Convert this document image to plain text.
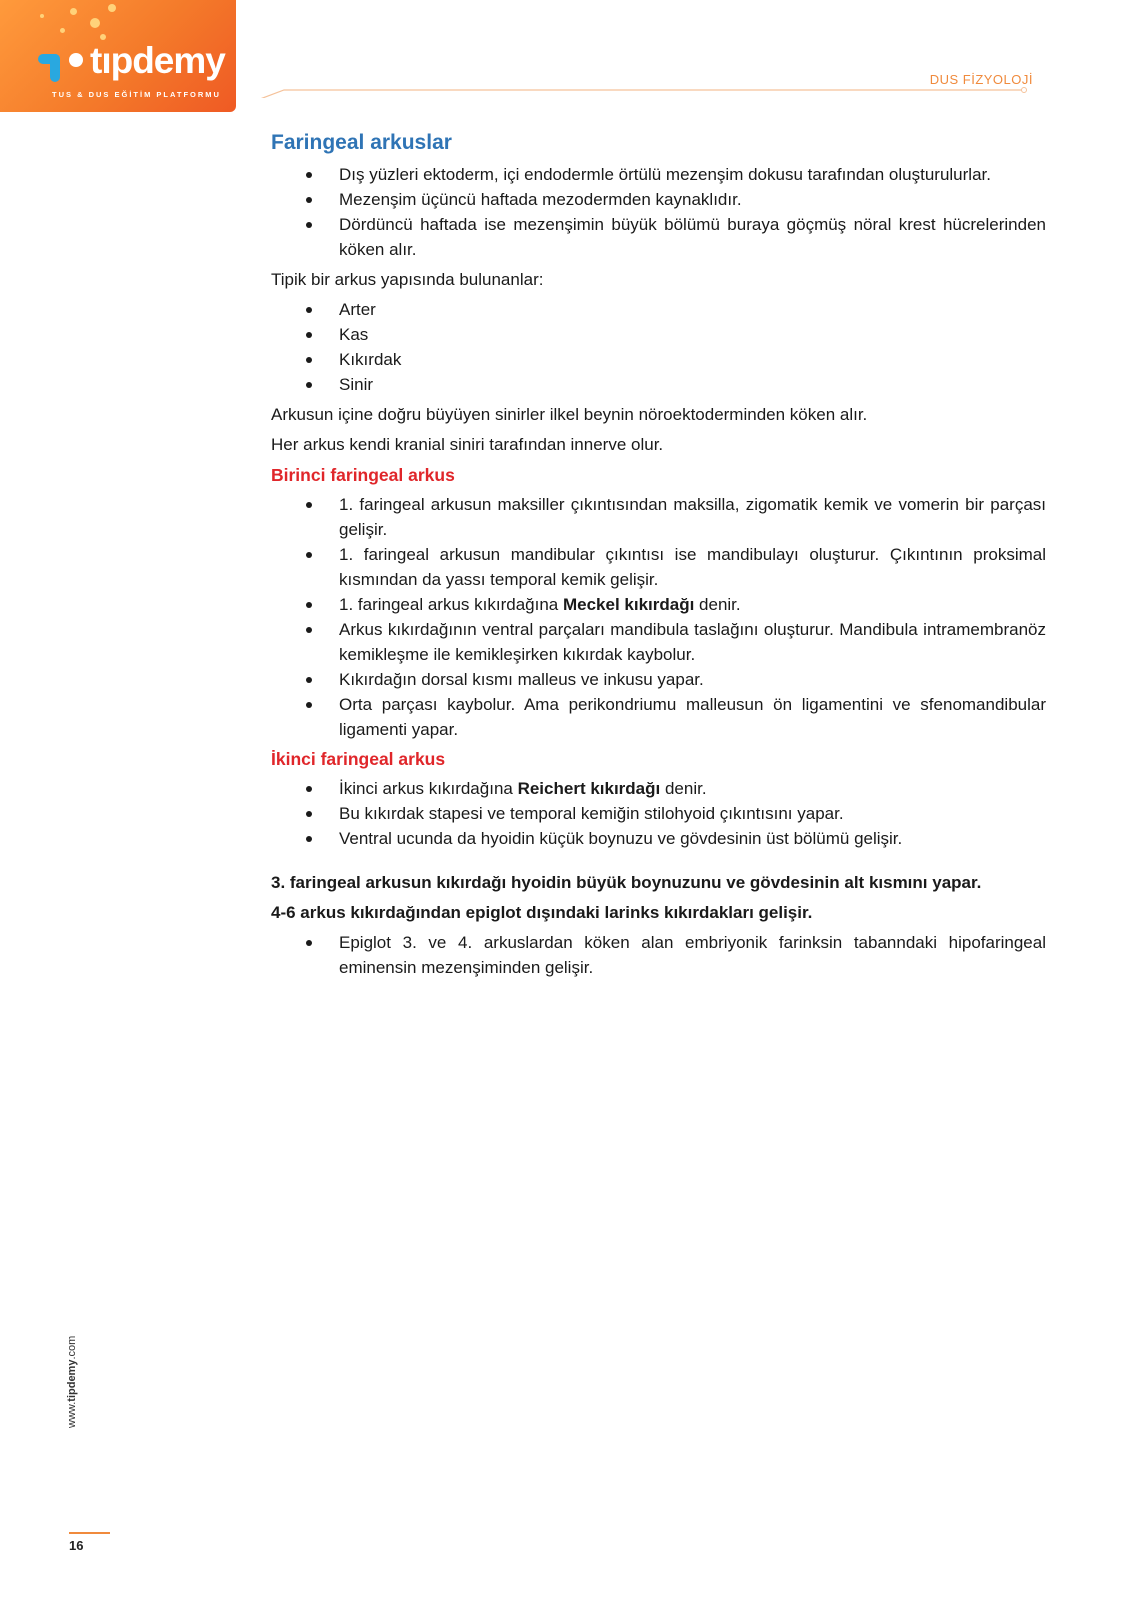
tıpdemy
TUS & DUS EĞİTİM PLATFORMU
DUS FİZYOLOJİ
Faringeal arkuslar
Dış yüzleri ektoderm, içi endodermle örtülü mezenşim dokusu tarafından oluşturulurlar.
Mezenşim üçüncü haftada mezodermden kaynaklıdır.
Dördüncü haftada ise mezenşimin büyük bölümü buraya göçmüş nöral krest hücrelerinden köken alır.

Tipik bir arkus yapısında bulunanlar:

Arter
Kas
Kıkırdak
Sinir

Arkusun içine doğru büyüyen sinirler ilkel beynin nöroektoderminden köken alır.

Her arkus kendi kranial siniri tarafından innerve olur.

Birinci faringeal arkus
1. faringeal arkusun maksiller çıkıntısından maksilla, zigomatik kemik ve vomerin bir parçası gelişir.
1. faringeal arkusun mandibular çıkıntısı ise mandibulayı oluşturur. Çıkıntının proksimal kısmından da yassı temporal kemik gelişir.
1. faringeal arkus kıkırdağına Meckel kıkırdağı denir.
Arkus kıkırdağının ventral parçaları mandibula taslağını oluşturur. Mandibula intramembranöz kemikleşme ile kemikleşirken kıkırdak kaybolur.
Kıkırdağın dorsal kısmı malleus ve inkusu yapar.
Orta parçası kaybolur. Ama perikondriumu malleusun ön ligamentini ve sfenomandibular ligamenti yapar.
İkinci faringeal arkus
İkinci arkus kıkırdağına Reichert kıkırdağı denir.
Bu kıkırdak stapesi ve temporal kemiğin stilohyoid çıkıntısını yapar.
Ventral ucunda da hyoidin küçük boynuzu ve gövdesinin üst bölümü gelişir.

3. faringeal arkusun kıkırdağı hyoidin büyük boynuzunu ve gövdesinin alt kısmını yapar.

4-6 arkus kıkırdağından epiglot dışındaki larinks kıkırdakları gelişir.

Epiglot 3. ve 4. arkuslardan köken alan embriyonik farinksin tabanndaki hipofaringeal eminensin mezenşiminden gelişir.
www.tipdemy.com
16
